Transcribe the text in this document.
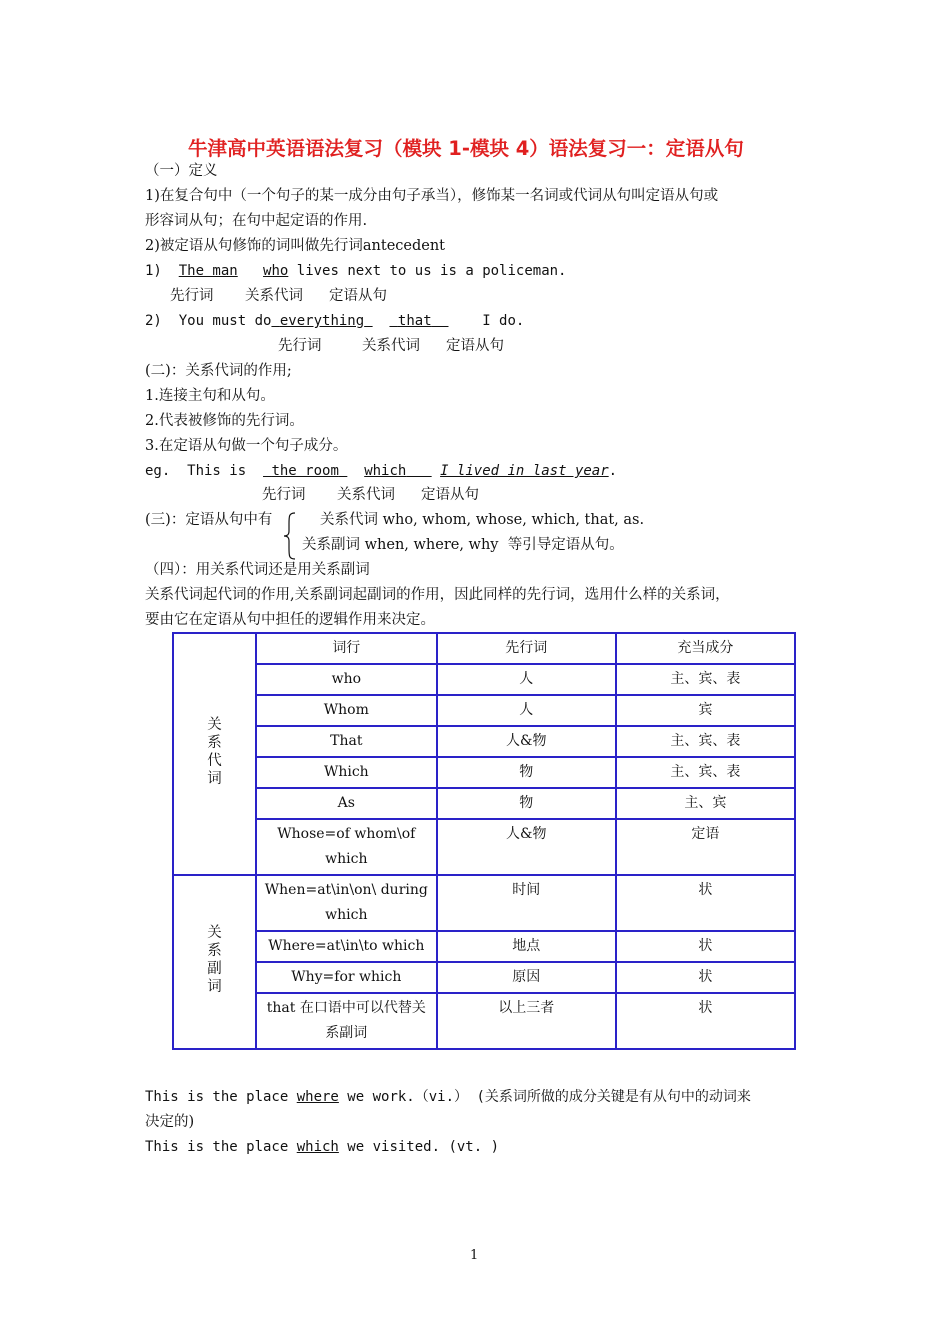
牛津高中英语语法复习（模块 1-模块 4）语法复习一：定语从句
（一）定义
1)在复合句中（一个句子的某一成分由句子承当），修饰某一名词或代词从句叫定语从句或
形容词从句；在句中起定语的作用.
2)被定语从句修饰的词叫做先行词antecedent
1) The man who lives next to us is a policeman.
先行词 关系代词 定语从句
2) You must do everything that	I do.
先行词	关系代词 定语从句
(二)：关系代词的作用;
1.连接主句和从句。
2.代表被修饰的先行词。
3.在定语从句做一个句子成分。
eg.  This is the room which I lived in last year.
先行词 关系代词 定语从句
(三)：定语从句中有	关系代词 who, whom, whose, which, that, as.
关系副词 when, where, why  等引导定语从句。
（四）：用关系代词还是用关系副词
关系代词起代词的作用,关系副词起副词的作用，因此同样的先行词，选用什么样的关系词，
要由它在定语从句中担任的逻辑作用来决定。
关系代词	词行	先行词	充当成分
	who	人	主、宾、表
	Whom	人	宾
	That	人&物	主、宾、表
	Which	物	主、宾、表
	As	物	主、宾
	Whose=of whom\of which	人&物	定语
关系副词	When=at\in\on\ during which	时间	状
	Where=at\in\to which	地点	状
	Why=for which	原因	状
	that 在口语中可以代替关系副词	以上三者	状
This is the place where we work.（vi.） (关系词所做的成分关键是有从句中的动词来
决定的)
This is the place which we visited. (vt. )
1
